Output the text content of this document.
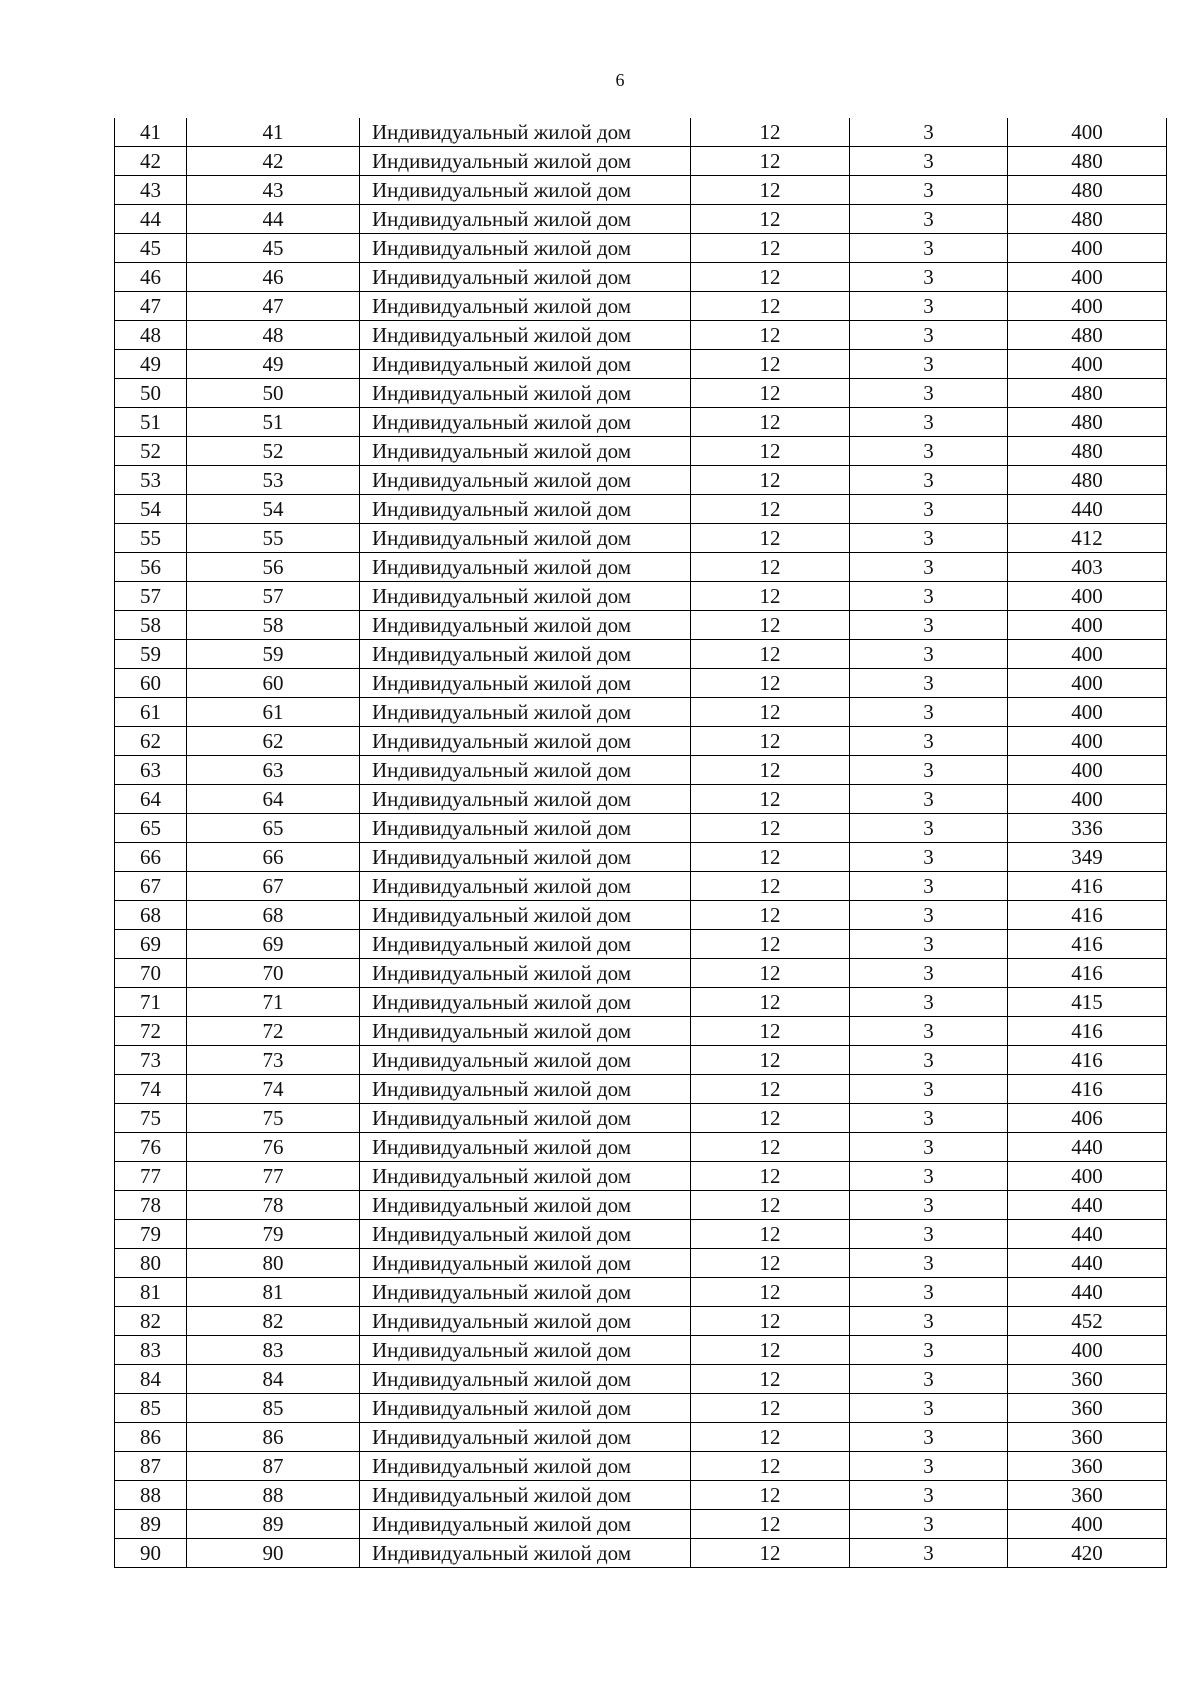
6
41	41	Индивидуальный жилой дом	12	3	400
42	42	Индивидуальный жилой дом	12	3	480
43	43	Индивидуальный жилой дом	12	3	480
44	44	Индивидуальный жилой дом	12	3	480
45	45	Индивидуальный жилой дом	12	3	400
46	46	Индивидуальный жилой дом	12	3	400
47	47	Индивидуальный жилой дом	12	3	400
48	48	Индивидуальный жилой дом	12	3	480
49	49	Индивидуальный жилой дом	12	3	400
50	50	Индивидуальный жилой дом	12	3	480
51	51	Индивидуальный жилой дом	12	3	480
52	52	Индивидуальный жилой дом	12	3	480
53	53	Индивидуальный жилой дом	12	3	480
54	54	Индивидуальный жилой дом	12	3	440
55	55	Индивидуальный жилой дом	12	3	412
56	56	Индивидуальный жилой дом	12	3	403
57	57	Индивидуальный жилой дом	12	3	400
58	58	Индивидуальный жилой дом	12	3	400
59	59	Индивидуальный жилой дом	12	3	400
60	60	Индивидуальный жилой дом	12	3	400
61	61	Индивидуальный жилой дом	12	3	400
62	62	Индивидуальный жилой дом	12	3	400
63	63	Индивидуальный жилой дом	12	3	400
64	64	Индивидуальный жилой дом	12	3	400
65	65	Индивидуальный жилой дом	12	3	336
66	66	Индивидуальный жилой дом	12	3	349
67	67	Индивидуальный жилой дом	12	3	416
68	68	Индивидуальный жилой дом	12	3	416
69	69	Индивидуальный жилой дом	12	3	416
70	70	Индивидуальный жилой дом	12	3	416
71	71	Индивидуальный жилой дом	12	3	415
72	72	Индивидуальный жилой дом	12	3	416
73	73	Индивидуальный жилой дом	12	3	416
74	74	Индивидуальный жилой дом	12	3	416
75	75	Индивидуальный жилой дом	12	3	406
76	76	Индивидуальный жилой дом	12	3	440
77	77	Индивидуальный жилой дом	12	3	400
78	78	Индивидуальный жилой дом	12	3	440
79	79	Индивидуальный жилой дом	12	3	440
80	80	Индивидуальный жилой дом	12	3	440
81	81	Индивидуальный жилой дом	12	3	440
82	82	Индивидуальный жилой дом	12	3	452
83	83	Индивидуальный жилой дом	12	3	400
84	84	Индивидуальный жилой дом	12	3	360
85	85	Индивидуальный жилой дом	12	3	360
86	86	Индивидуальный жилой дом	12	3	360
87	87	Индивидуальный жилой дом	12	3	360
88	88	Индивидуальный жилой дом	12	3	360
89	89	Индивидуальный жилой дом	12	3	400
90	90	Индивидуальный жилой дом	12	3	420
